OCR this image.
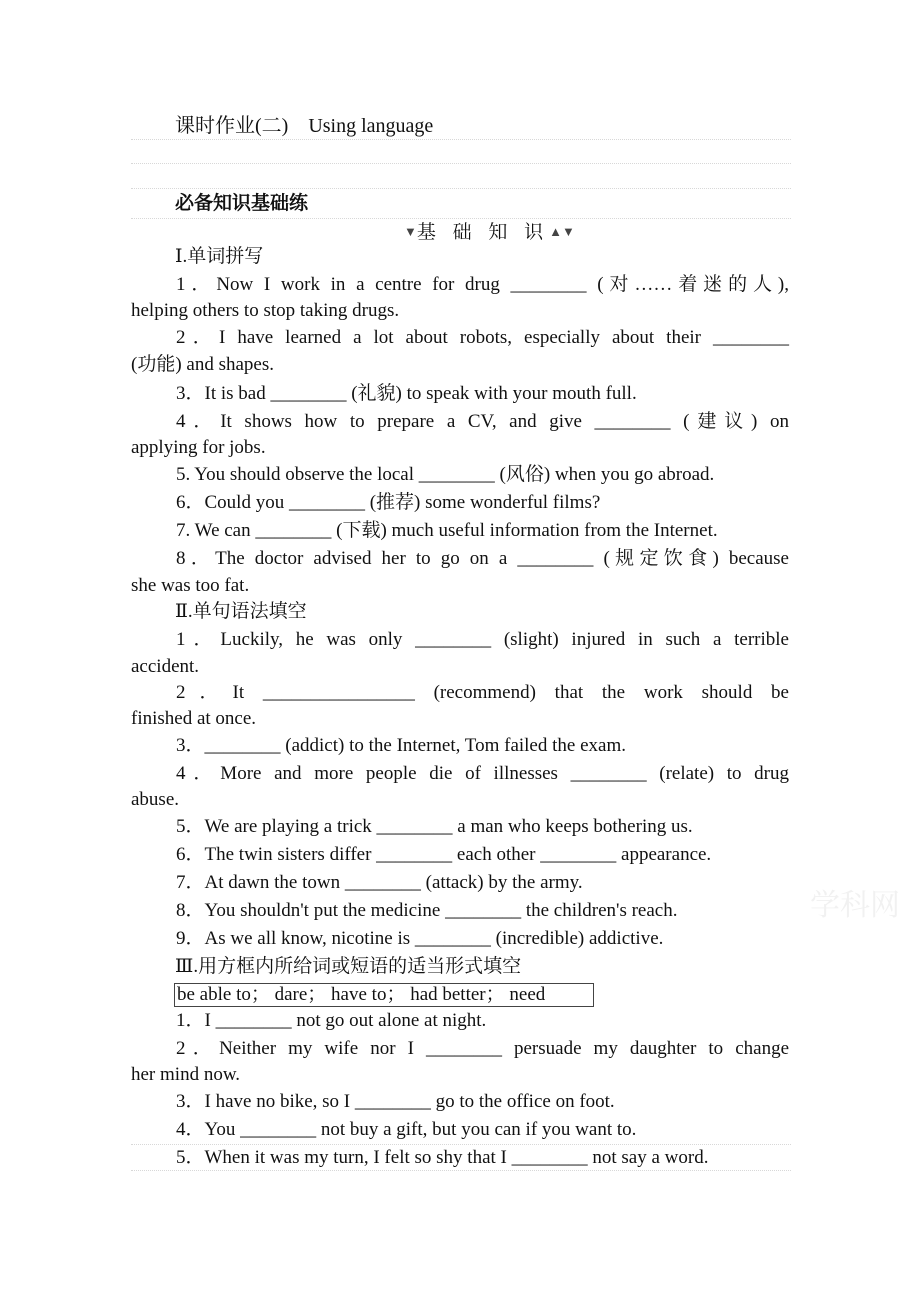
课时作业(二)　Using language
必备知识基础练
▼基 础 知 识▲▼
Ⅰ.单词拼写
1．Now I work in a centre for drug ________ (对……着迷的人),
helping others to stop taking drugs.
2．I have learned a lot about robots, especially about their ________
(功能) and shapes.
3．It is bad ________ (礼貌) to speak with your mouth full.
4．It shows how to prepare a CV, and give ________ (建议) on
applying for jobs.
5. You should observe the local ________ (风俗) when you go abroad.
6．Could you ________ (推荐) some wonderful films?
7. We can ________ (下载) much useful information from the Internet.
8．The doctor advised her to go on a ________ (规定饮食) because
she was too fat.
Ⅱ.单句语法填空
1．Luckily, he was only ________ (slight) injured in such a terrible
accident.
2．It ________________ (recommend) that the work should be
finished at once.
3．________ (addict) to the Internet, Tom failed the exam.
4．More and more people die of illnesses ________ (relate) to drug
abuse.
5．We are playing a trick ________ a man who keeps bothering us.
6．The twin sisters differ ________ each other ________ appearance.
7．At dawn the town ________ (attack) by the army.
8．You shouldn't put the medicine ________ the children's reach.
9．As we all know, nicotine is ________ (incredible) addictive.
Ⅲ.用方框内所给词或短语的适当形式填空
be able to； dare； have to； had better； need
1．I ________ not go out alone at night.
2．Neither my wife nor I ________ persuade my daughter to change
her mind now.
3．I have no bike, so I ________ go to the office on foot.
4．You ________ not buy a gift, but you can if you want to.
5．When it was my turn, I felt so shy that I ________ not say a word.
学科网
